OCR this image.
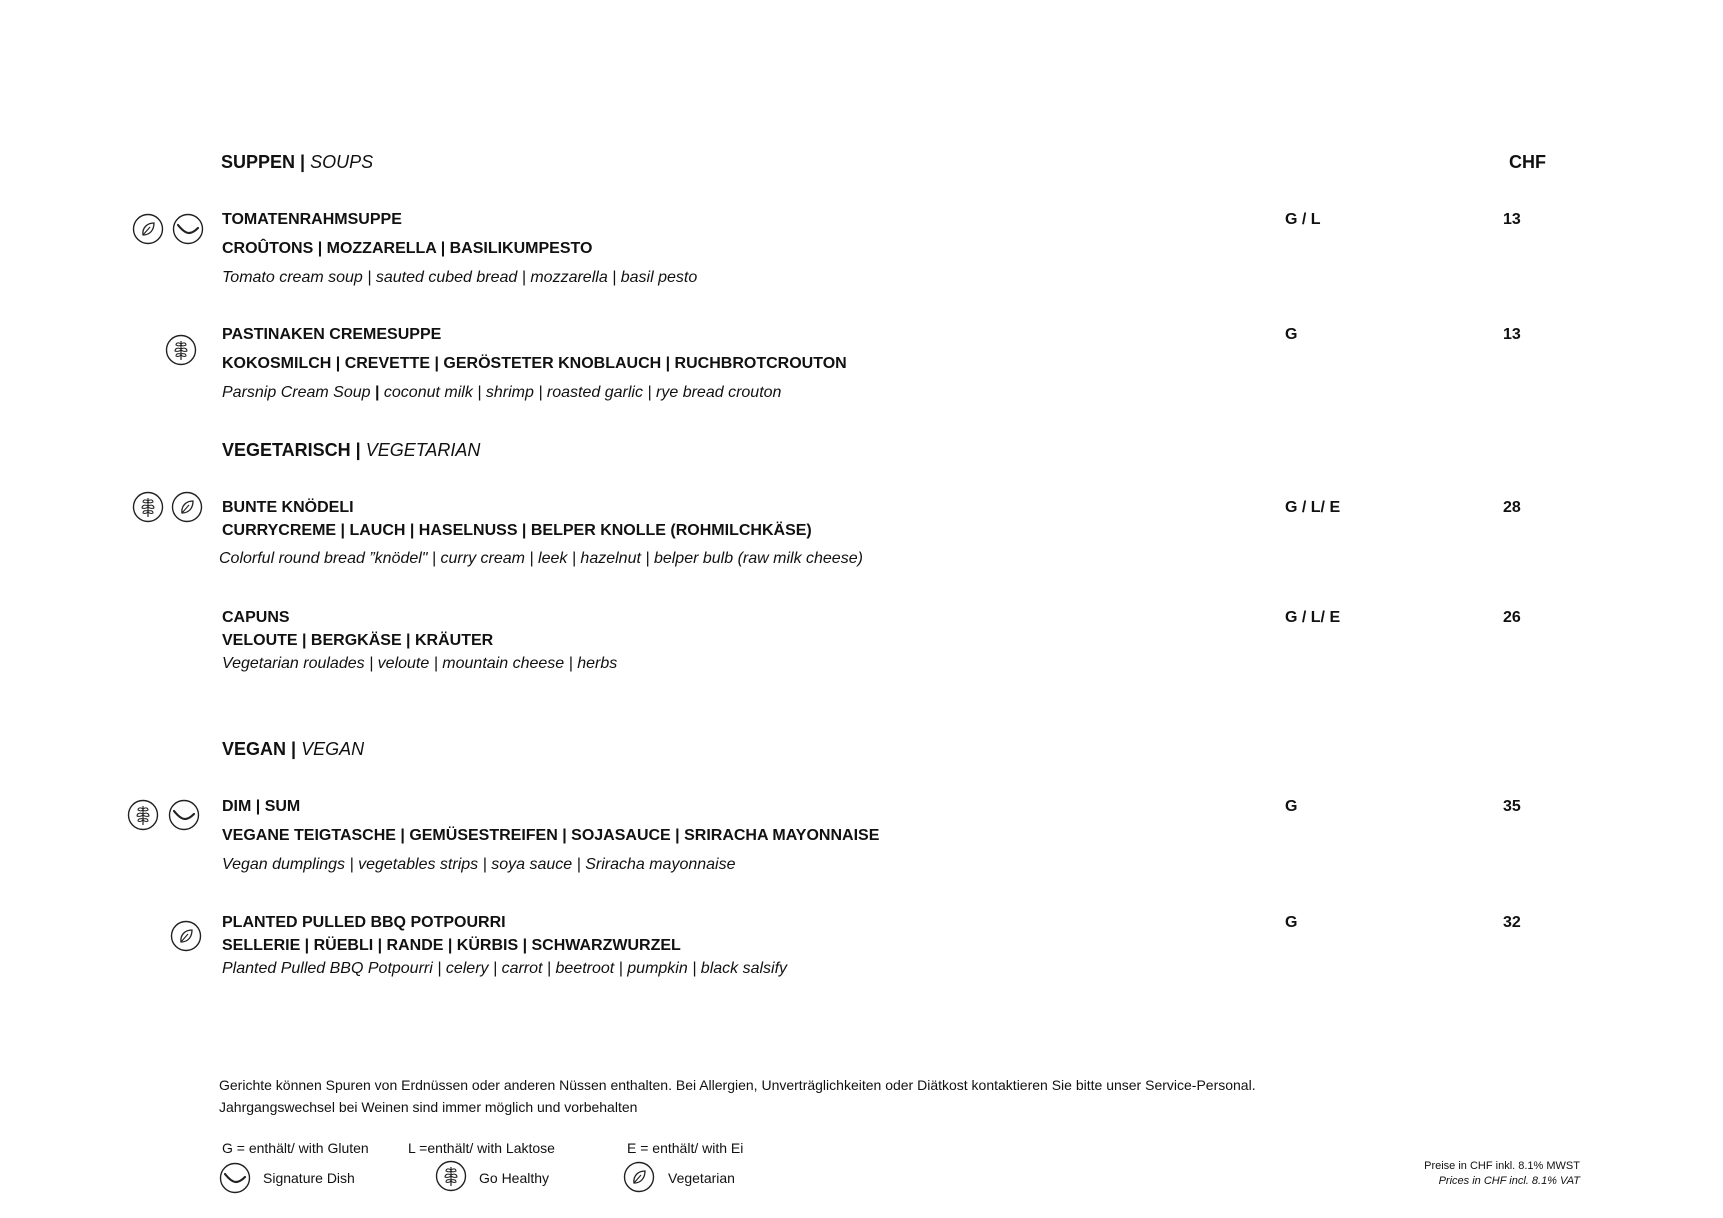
SUPPEN | SOUPS	CHF
TOMATENRAHMSUPPE
CROÛTONS | MOZZARELLA | BASILIKUMPESTO
Tomato cream soup | sauted cubed bread | mozzarella | basil pesto
G / L	13
PASTINAKEN CREMESUPPE
KOKOSMILCH | CREVETTE | GERÖSTETER KNOBLAUCH | RUCHBROTCROUTON
Parsnip Cream Soup | coconut milk | shrimp | roasted garlic | rye bread crouton
G	13
VEGETARISCH | VEGETARIAN
BUNTE KNÖDELI
CURRYCREME | LAUCH | HASELNUSS | BELPER KNOLLE (ROHMILCHKÄSE)
Colorful round bread ”knödel" | curry cream | leek | hazelnut | belper bulb (raw milk cheese)
G / L/ E	28
CAPUNS
VELOUTE | BERGKÄSE | KRÄUTER
Vegetarian roulades | veloute | mountain cheese | herbs
G / L/ E	26
VEGAN | VEGAN
DIM | SUM
VEGANE TEIGTASCHE | GEMÜSESTREIFEN | SOJASAUCE | SRIRACHA MAYONNAISE
Vegan dumplings | vegetables strips | soya sauce | Sriracha mayonnaise
G	35
PLANTED PULLED BBQ POTPOURRI
SELLERIE | RÜEBLI | RANDE | KÜRBIS | SCHWARZWURZEL
Planted Pulled BBQ Potpourri | celery | carrot | beetroot | pumpkin | black salsify
G	32
Gerichte können Spuren von Erdnüssen oder anderen Nüssen enthalten. Bei Allergien, Unverträglichkeiten oder Diätkost kontaktieren Sie bitte unser Service-Personal.
Jahrgangswechsel bei Weinen sind immer möglich und vorbehalten
G = enthält/ with Gluten	L =enthält/ with Laktose	E = enthält/ with Ei
Signature Dish	Go Healthy	Vegetarian
Preise in CHF inkl. 8.1% MWST
Prices in CHF incl. 8.1% VAT
